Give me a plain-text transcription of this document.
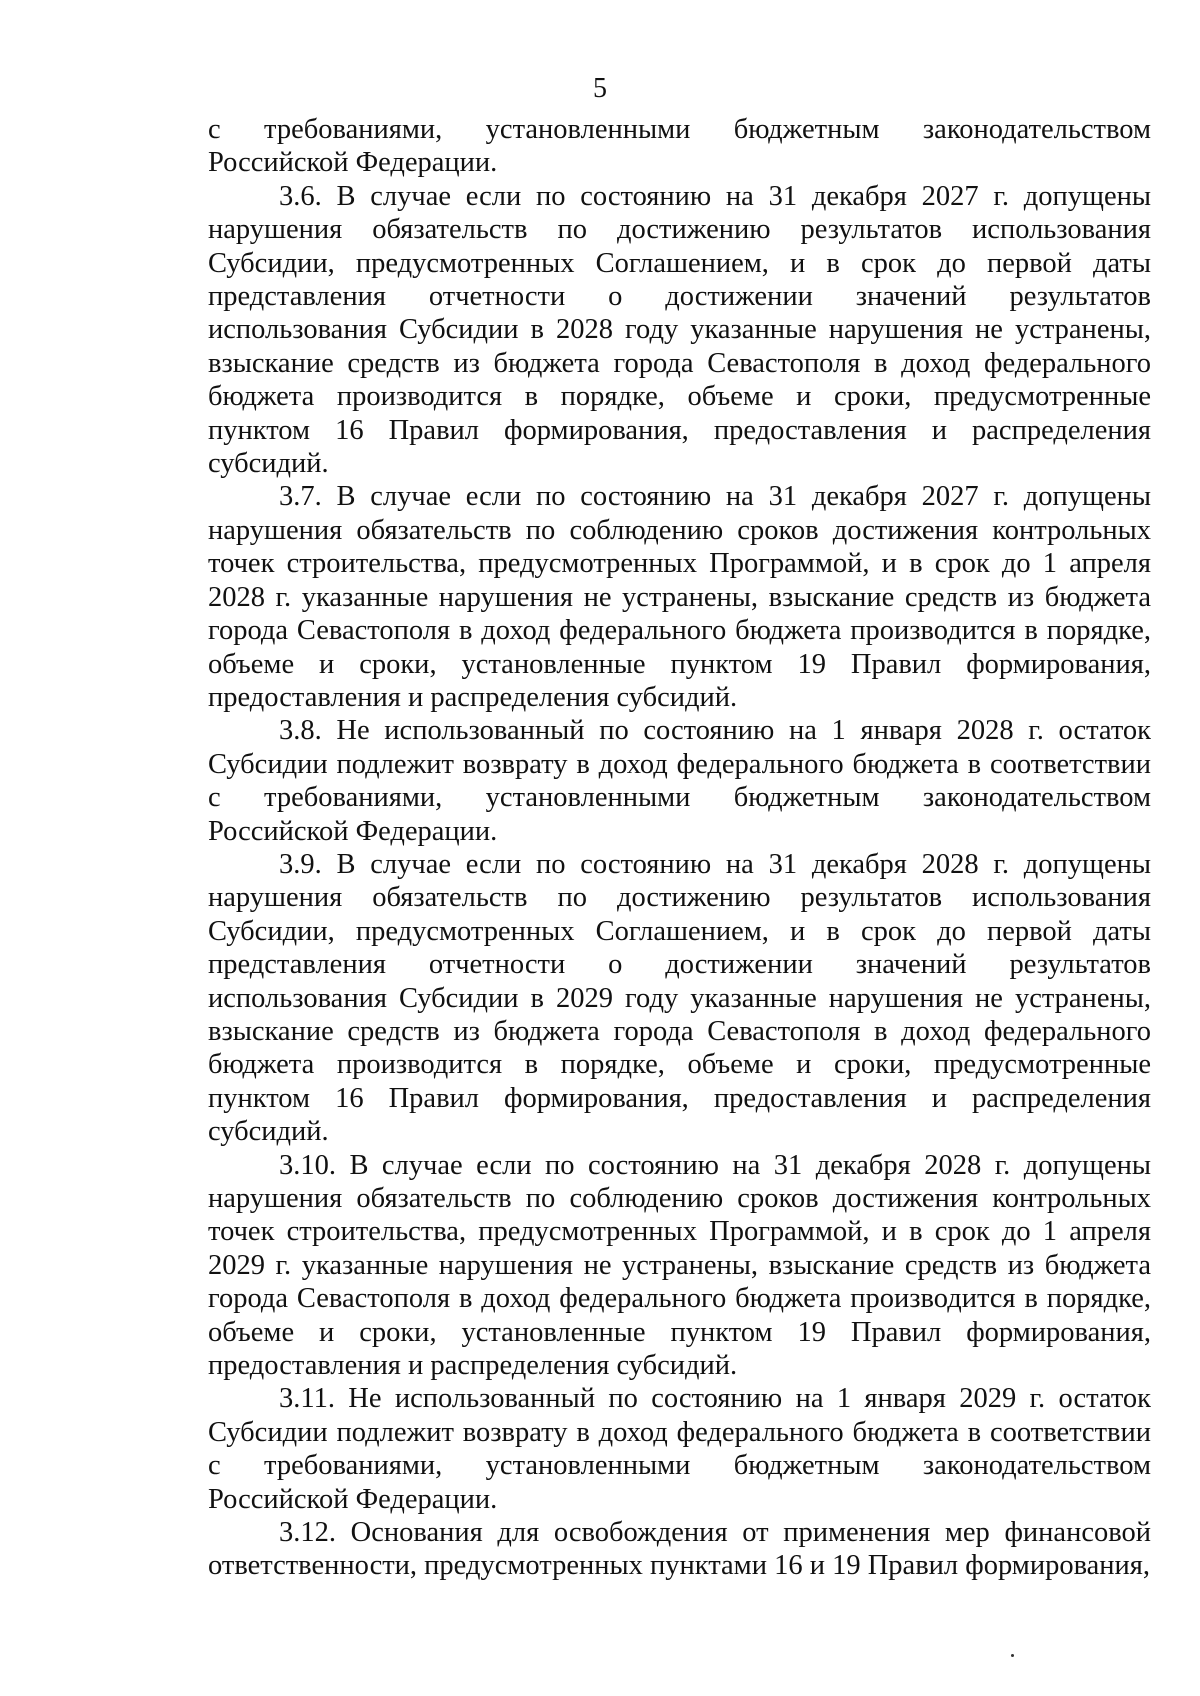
5

с требованиями, установленными бюджетным законодательством Российской Федерации.

3.6. В случае если по состоянию на 31 декабря 2027 г. допущены нарушения обязательств по достижению результатов использования Субсидии, предусмотренных Соглашением, и в срок до первой даты представления отчетности о достижении значений результатов использования Субсидии в 2028 году указанные нарушения не устранены, взыскание средств из бюджета города Севастополя в доход федерального бюджета производится в порядке, объеме и сроки, предусмотренные пунктом 16 Правил формирования, предоставления и распределения субсидий.

3.7. В случае если по состоянию на 31 декабря 2027 г. допущены нарушения обязательств по соблюдению сроков достижения контрольных точек строительства, предусмотренных Программой, и в срок до 1 апреля 2028 г. указанные нарушения не устранены, взыскание средств из бюджета города Севастополя в доход федерального бюджета производится в порядке, объеме и сроки, установленные пунктом 19 Правил формирования, предоставления и распределения субсидий.

3.8. Не использованный по состоянию на 1 января 2028 г. остаток Субсидии подлежит возврату в доход федерального бюджета в соответствии с требованиями, установленными бюджетным законодательством Российской Федерации.

3.9. В случае если по состоянию на 31 декабря 2028 г. допущены нарушения обязательств по достижению результатов использования Субсидии, предусмотренных Соглашением, и в срок до первой даты представления отчетности о достижении значений результатов использования Субсидии в 2029 году указанные нарушения не устранены, взыскание средств из бюджета города Севастополя в доход федерального бюджета производится в порядке, объеме и сроки, предусмотренные пунктом 16 Правил формирования, предоставления и распределения субсидий.

3.10. В случае если по состоянию на 31 декабря 2028 г. допущены нарушения обязательств по соблюдению сроков достижения контрольных точек строительства, предусмотренных Программой, и в срок до 1 апреля 2029 г. указанные нарушения не устранены, взыскание средств из бюджета города Севастополя в доход федерального бюджета производится в порядке, объеме и сроки, установленные пунктом 19 Правил формирования, предоставления и распределения субсидий.

3.11. Не использованный по состоянию на 1 января 2029 г. остаток Субсидии подлежит возврату в доход федерального бюджета в соответствии с требованиями, установленными бюджетным законодательством Российской Федерации.

3.12. Основания для освобождения от применения мер финансовой ответственности, предусмотренных пунктами 16 и 19 Правил формирования,
